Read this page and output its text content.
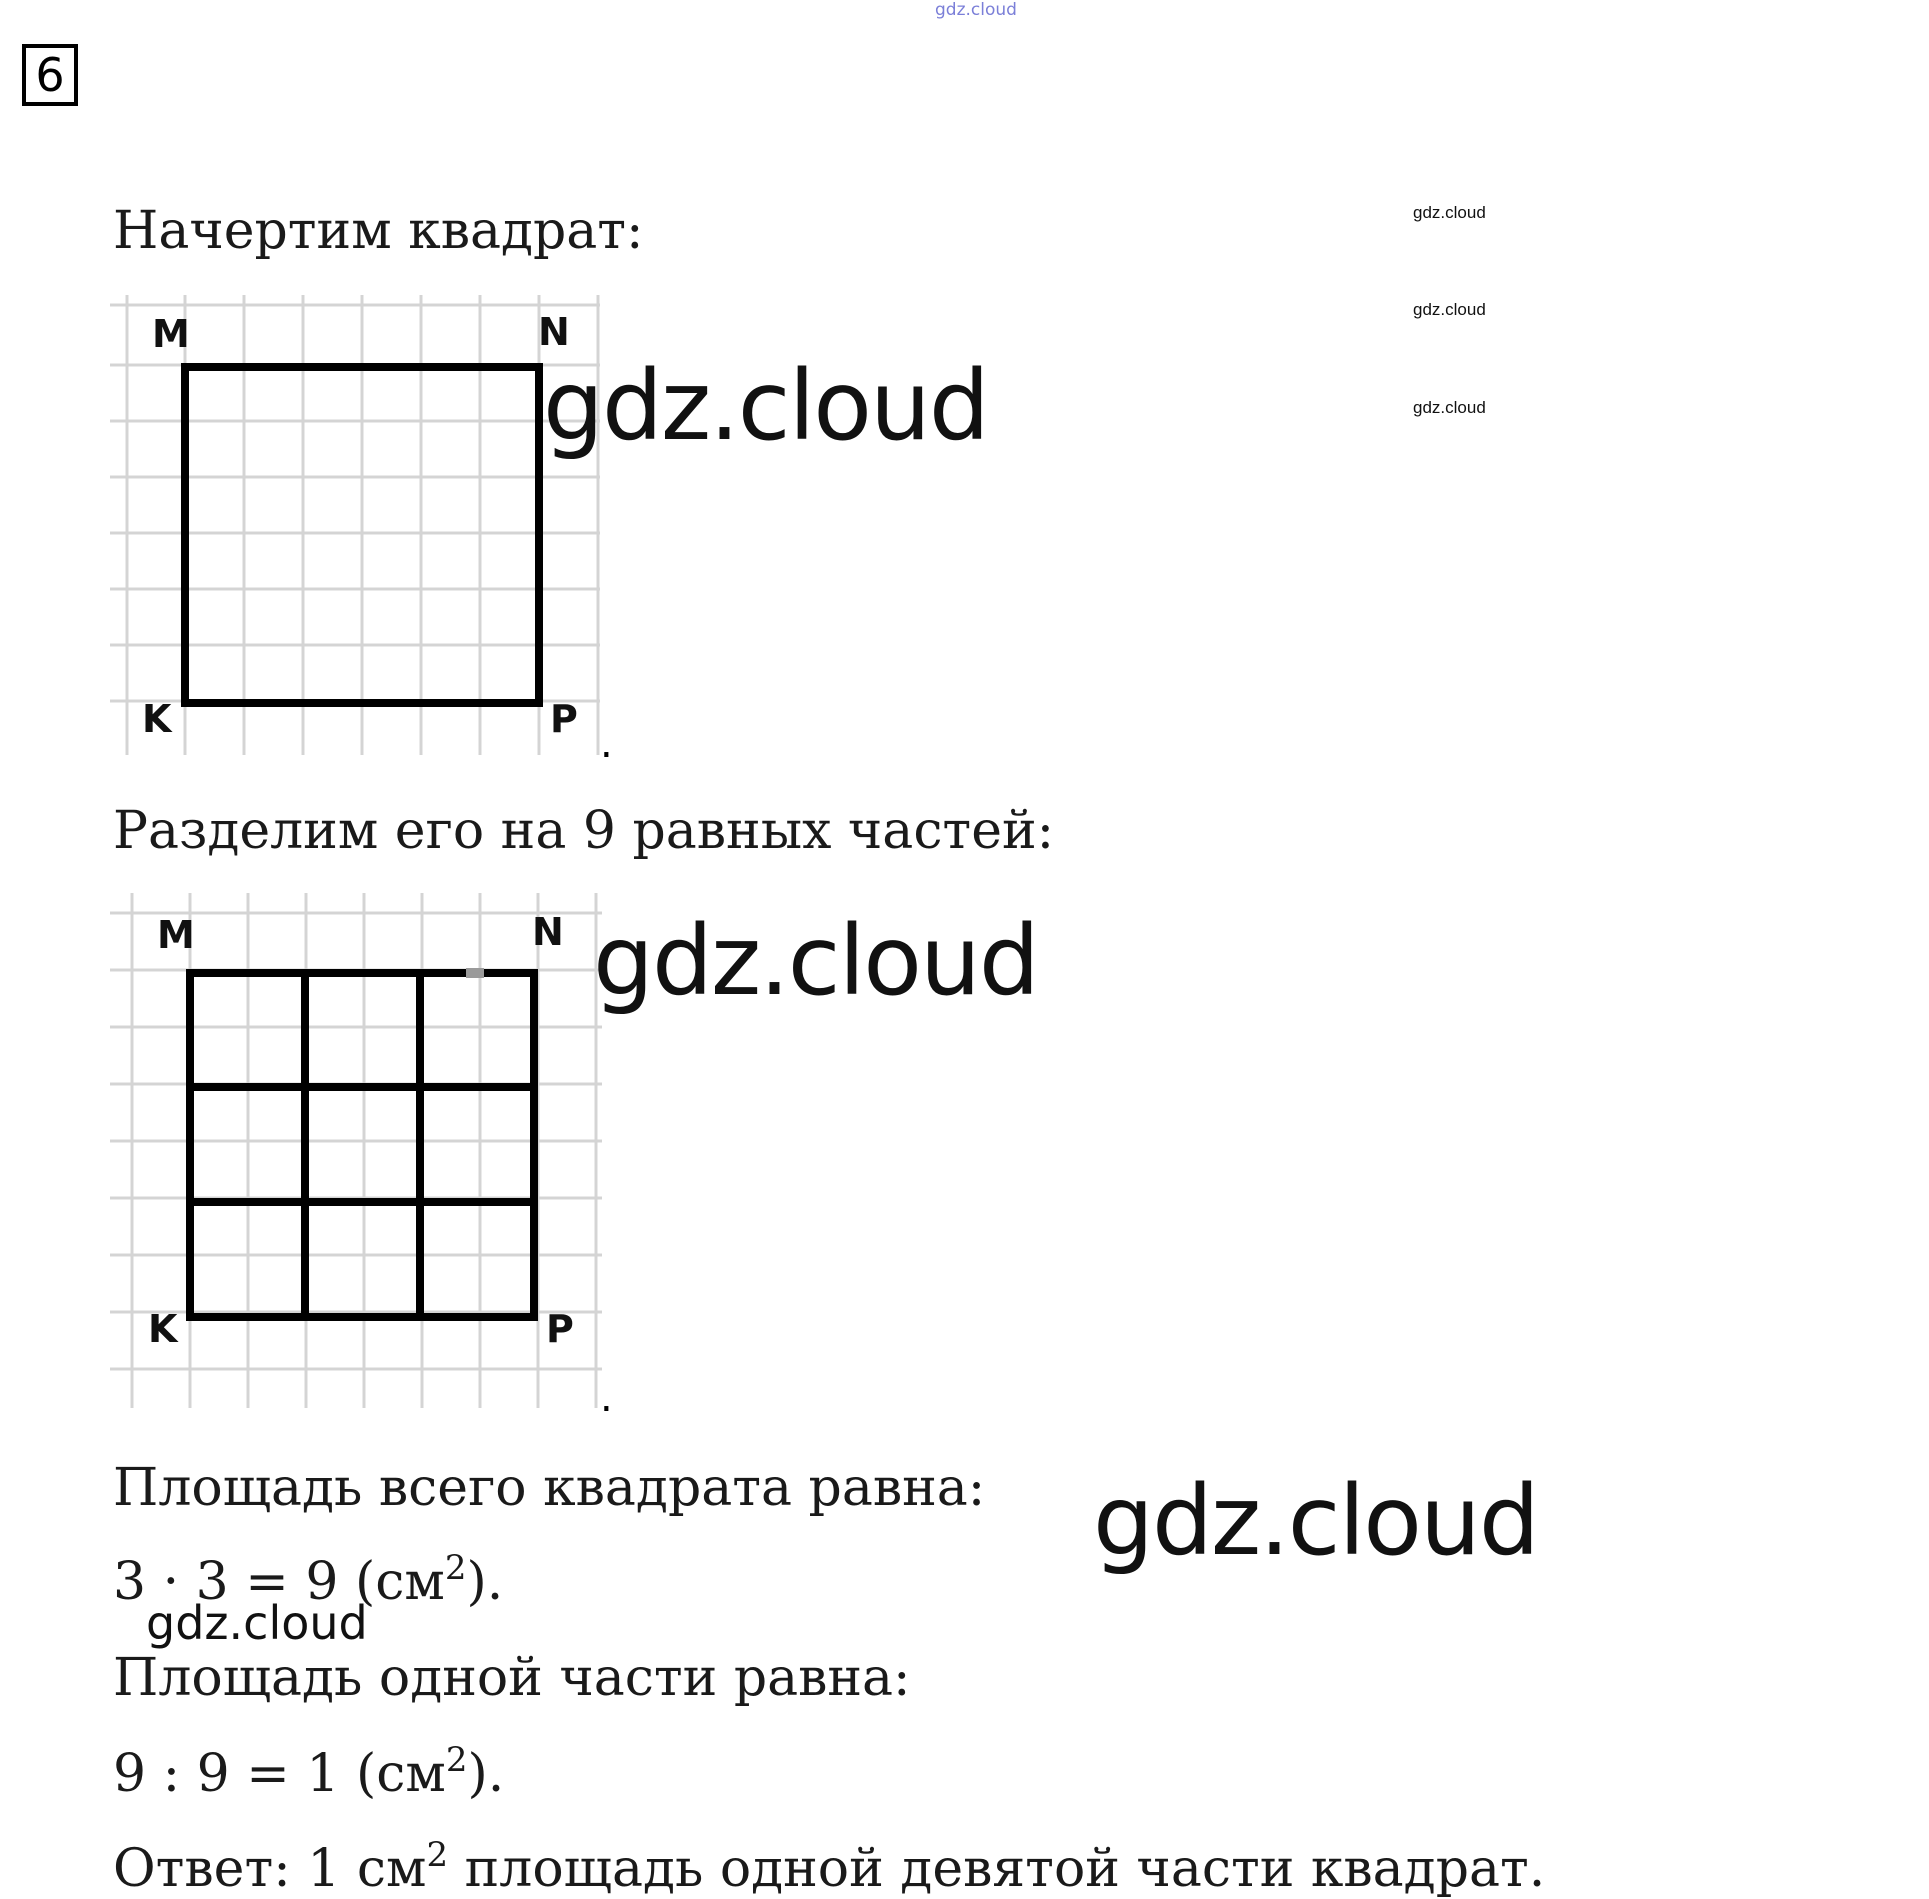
6
gdz.cloud
gdz.cloud
gdz.cloud
gdz.cloud
Начертим квадрат:
M	N
K	P
.
gdz.cloud
Разделим его на 9 равных частей:
M	N
K	P
.
gdz.cloud
Площадь всего квадрата равна:
3 · 3 = 9 $(см^2)$.
gdz.cloud
gdz.cloud
Площадь одной части равна:
9 : 9 = 1 $(см^2)$.
Ответ: 1 $см^2$ площадь одной девятой части квадрат.
